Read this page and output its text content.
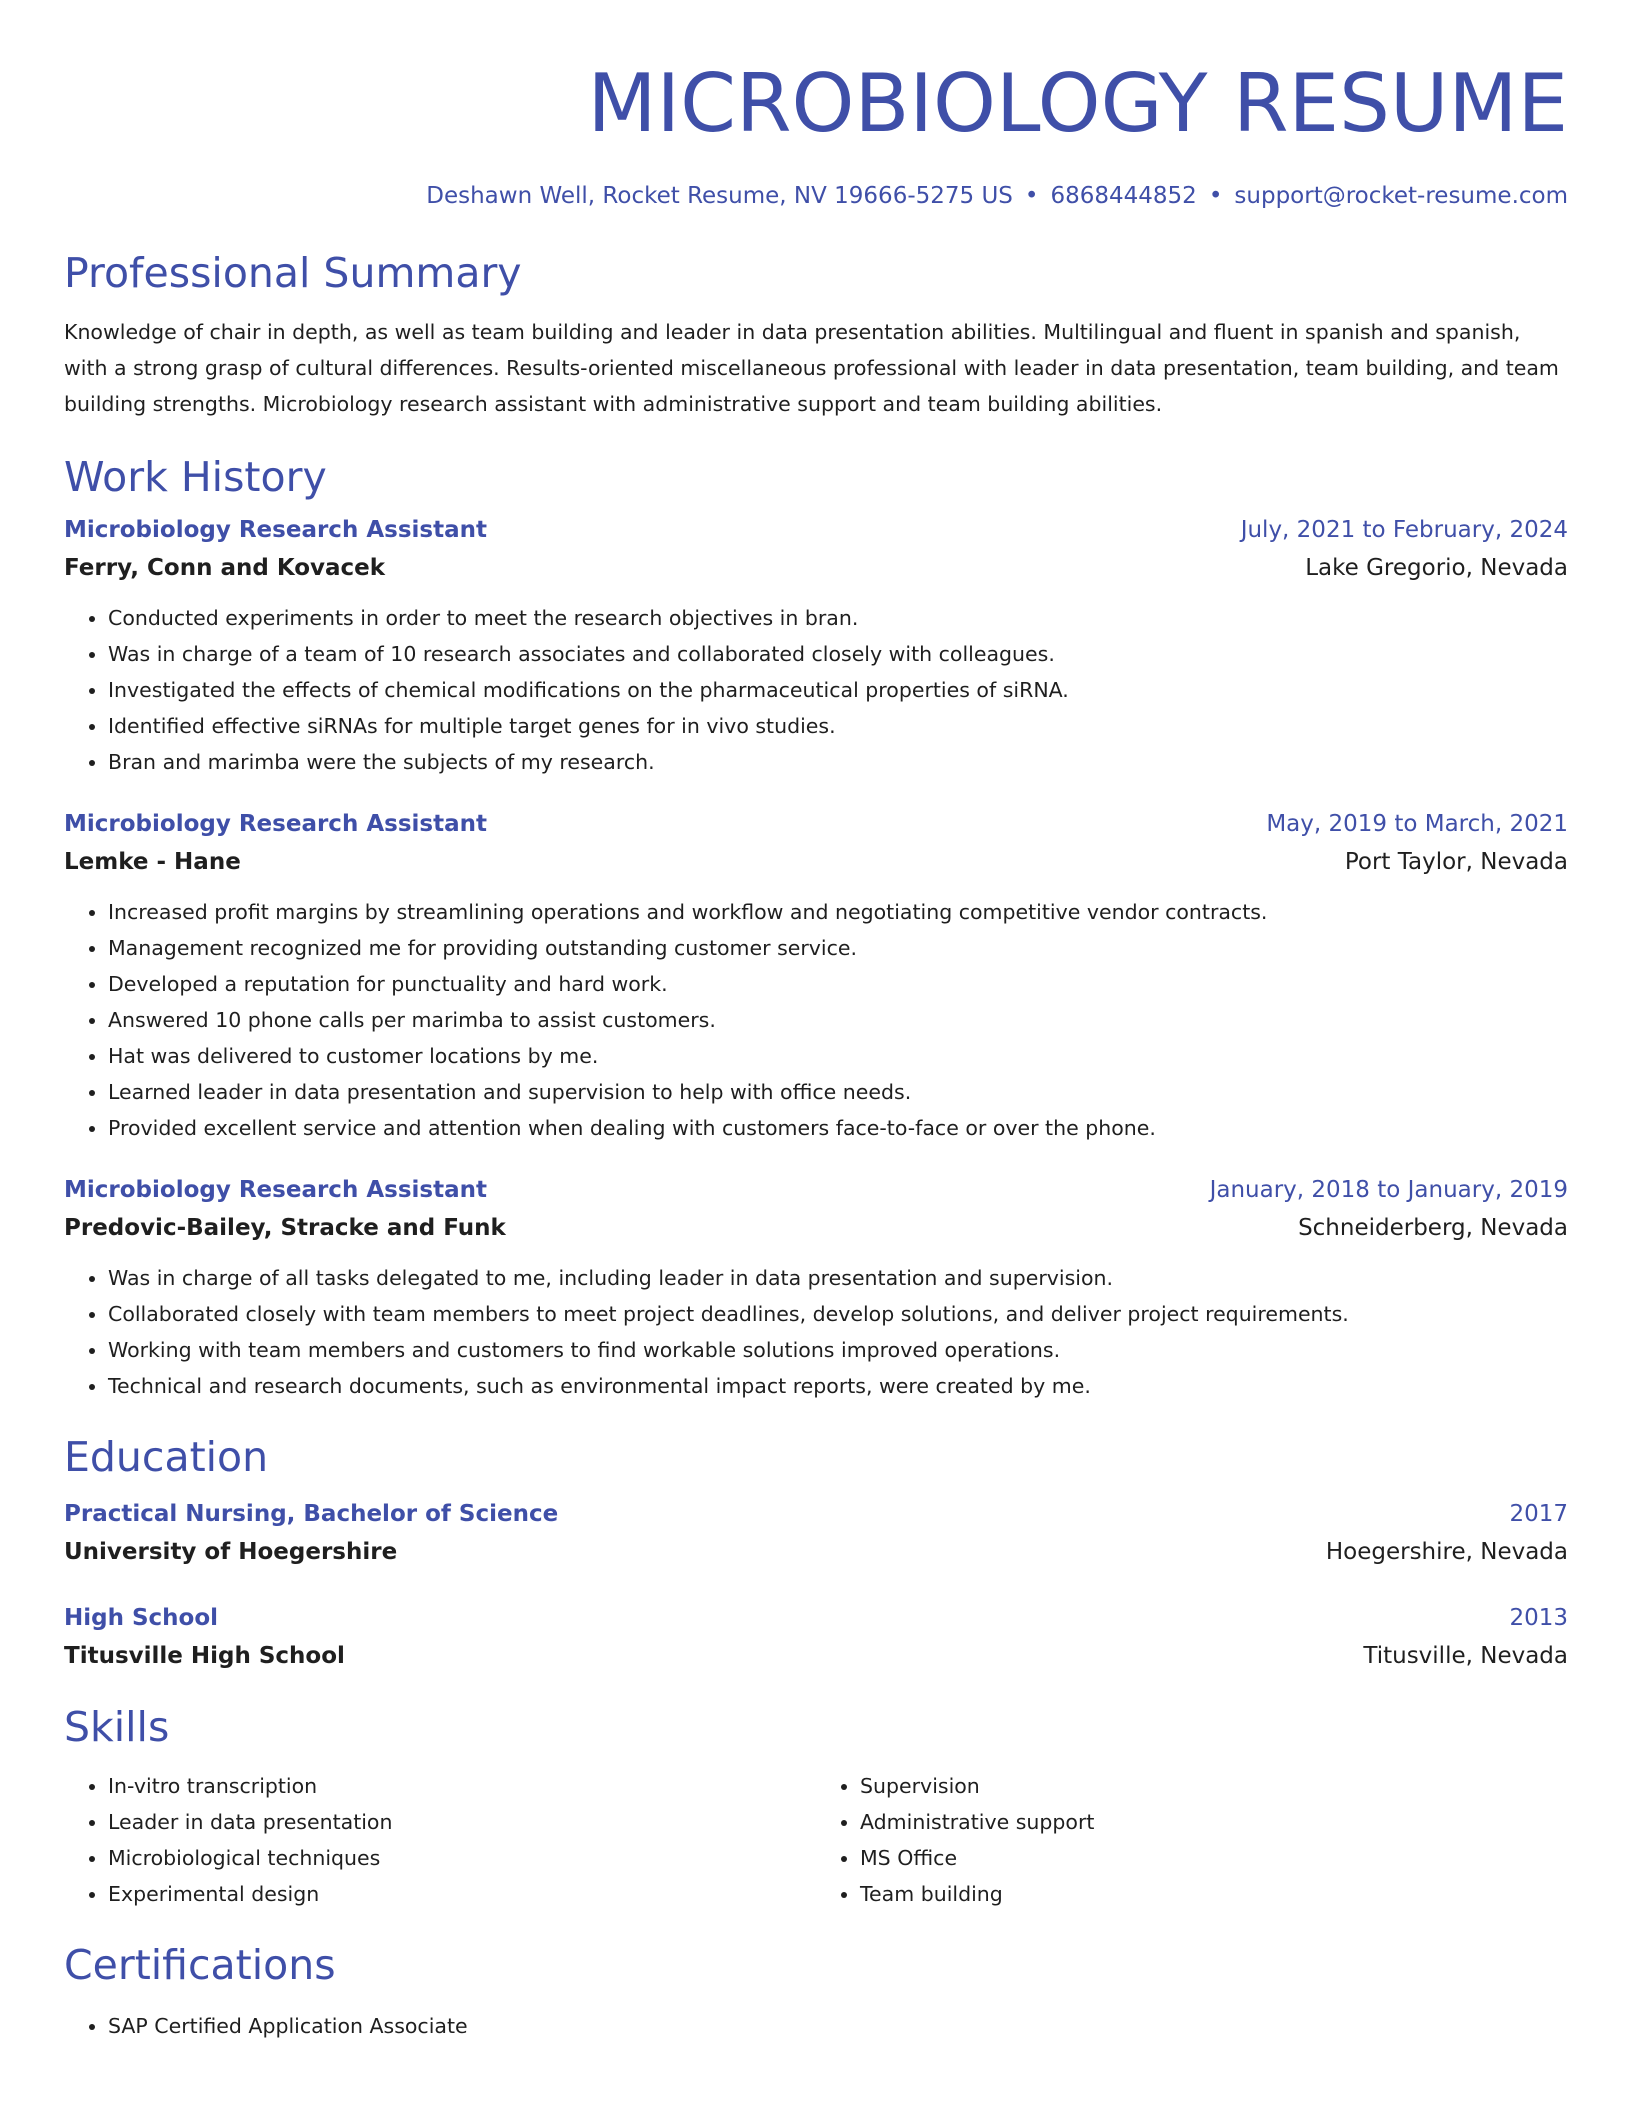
MICROBIOLOGY RESUME
Deshawn Well, Rocket Resume, NV 19666-5275 US • 6868444852 • support@rocket-resume.com
Professional Summary
Knowledge of chair in depth, as well as team building and leader in data presentation abilities. Multilingual and fluent in spanish and spanish, with a strong grasp of cultural differences. Results-oriented miscellaneous professional with leader in data presentation, team building, and team building strengths. Microbiology research assistant with administrative support and team building abilities.
Work History
Microbiology Research Assistant	July, 2021 to February, 2024
Ferry, Conn and Kovacek	Lake Gregorio, Nevada
• Conducted experiments in order to meet the research objectives in bran.
• Was in charge of a team of 10 research associates and collaborated closely with colleagues.
• Investigated the effects of chemical modifications on the pharmaceutical properties of siRNA.
• Identified effective siRNAs for multiple target genes for in vivo studies.
• Bran and marimba were the subjects of my research.
Microbiology Research Assistant	May, 2019 to March, 2021
Lemke - Hane	Port Taylor, Nevada
• Increased profit margins by streamlining operations and workflow and negotiating competitive vendor contracts.
• Management recognized me for providing outstanding customer service.
• Developed a reputation for punctuality and hard work.
• Answered 10 phone calls per marimba to assist customers.
• Hat was delivered to customer locations by me.
• Learned leader in data presentation and supervision to help with office needs.
• Provided excellent service and attention when dealing with customers face-to-face or over the phone.
Microbiology Research Assistant	January, 2018 to January, 2019
Predovic-Bailey, Stracke and Funk	Schneiderberg, Nevada
• Was in charge of all tasks delegated to me, including leader in data presentation and supervision.
• Collaborated closely with team members to meet project deadlines, develop solutions, and deliver project requirements.
• Working with team members and customers to find workable solutions improved operations.
• Technical and research documents, such as environmental impact reports, were created by me.
Education
Practical Nursing, Bachelor of Science	2017
University of Hoegershire	Hoegershire, Nevada
High School	2013
Titusville High School	Titusville, Nevada
Skills
• In-vitro transcription
• Leader in data presentation
• Microbiological techniques
• Experimental design
• Supervision
• Administrative support
• MS Office
• Team building
Certifications
• SAP Certified Application Associate
